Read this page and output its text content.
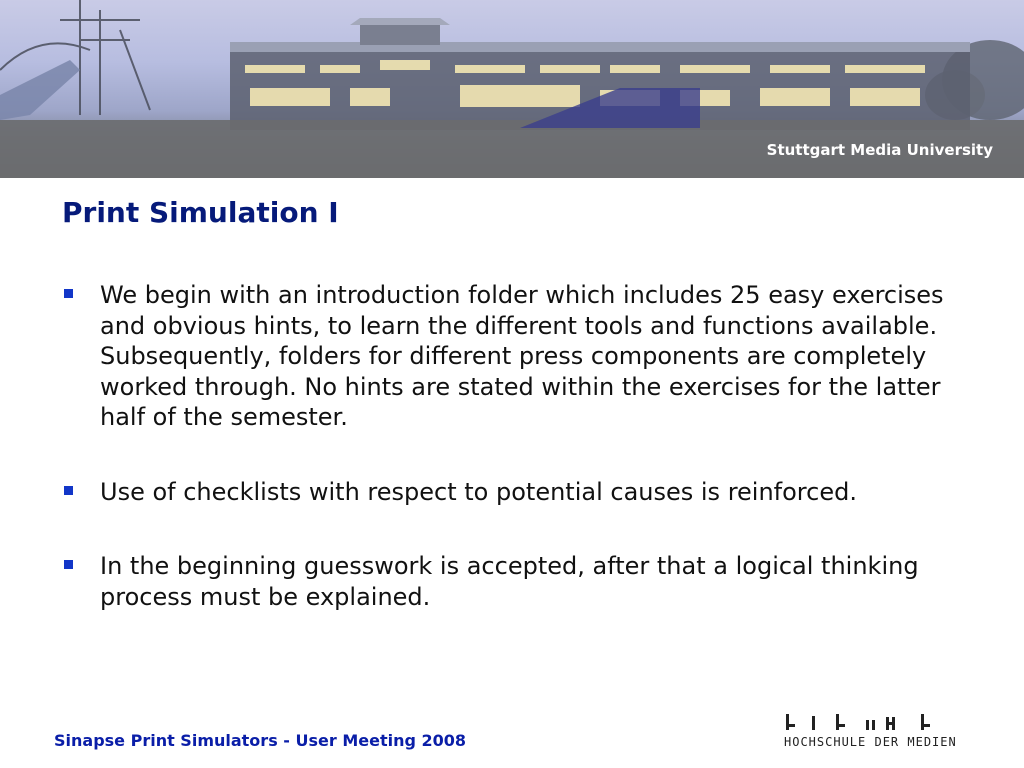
Stuttgart Media University
Print Simulation I
We begin with an introduction folder which includes 25 easy exercises and obvious hints, to learn the different tools and functions available. Subsequently, folders for different press components are completely worked through. No hints are stated within the exercises for the latter half of the semester.
Use of checklists with respect to potential causes is reinforced.
In the beginning guesswork is accepted, after that a logical thinking process must be explained.
Sinapse Print Simulators - User Meeting 2008	HOCHSCHULE DER MEDIEN
